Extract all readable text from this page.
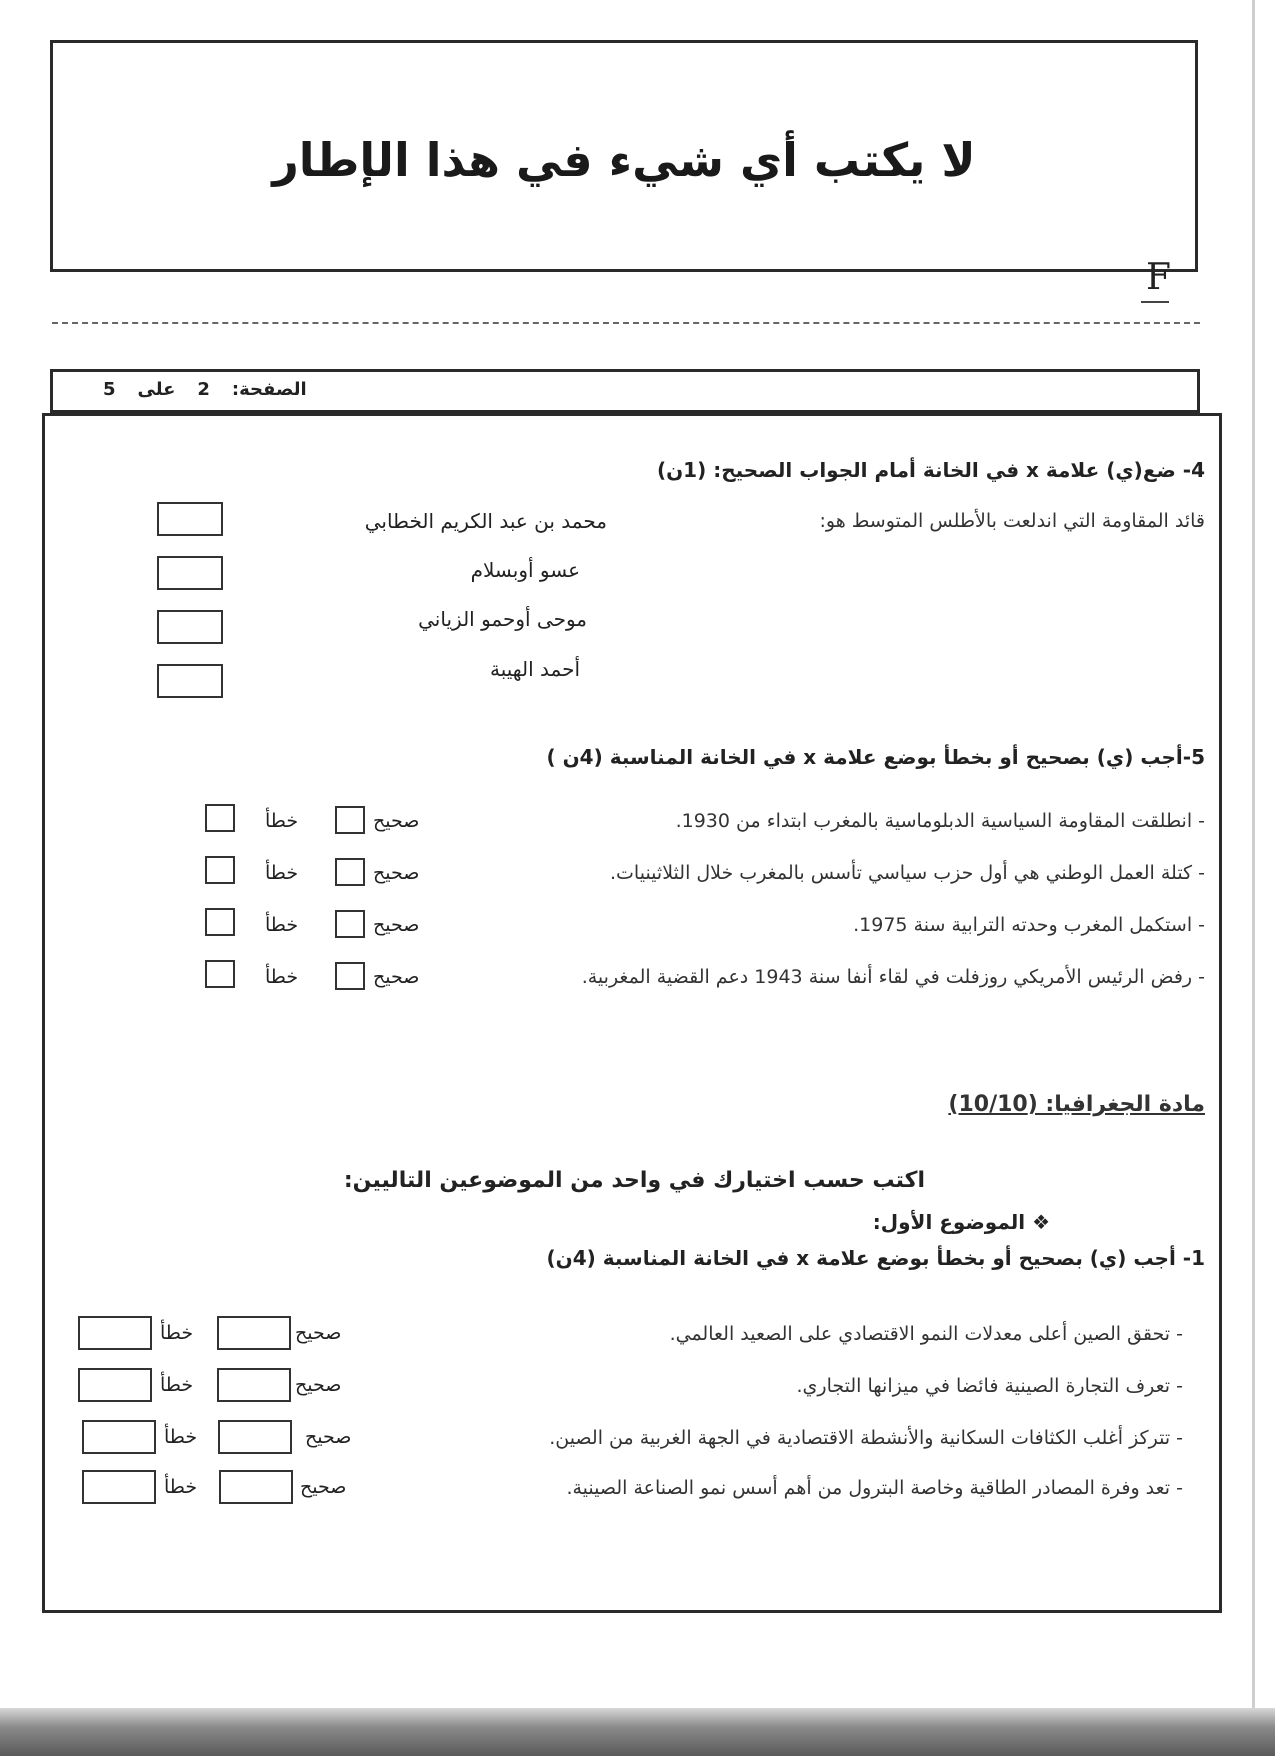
لا يكتب أي شيء في هذا الإطار
F
الصفحة:2على5
4- ضع(ي) علامة x في الخانة أمام الجواب الصحيح: (1ن)
قائد المقاومة التي اندلعت بالأطلس المتوسط هو:
محمد بن عبد الكريم الخطابي
عسو أوبسلام
موحى أوحمو الزياني
أحمد الهيبة
5-أجب (ي) بصحيح أو بخطأ بوضع علامة x في الخانة المناسبة (4ن )
- انطلقت المقاومة السياسية الدبلوماسية بالمغرب ابتداء من 1930.
صحيح
خطأ
- كتلة العمل الوطني هي أول حزب سياسي تأسس بالمغرب خلال الثلاثينيات.
صحيح
خطأ
- استكمل المغرب وحدته الترابية سنة 1975.
صحيح
خطأ
- رفض الرئيس الأمريكي روزفلت في لقاء أنفا سنة 1943 دعم القضية المغربية.
صحيح
خطأ
مادة الجغرافيا: (10/10)
اكتب حسب اختيارك في واحد من الموضوعين التاليين:
❖ الموضوع الأول:
1- أجب (ي) بصحيح أو بخطأ بوضع علامة x في الخانة المناسبة (4ن)
- تحقق الصين أعلى معدلات النمو الاقتصادي على الصعيد العالمي.
صحيح
خطأ
- تعرف التجارة الصينية فائضا في ميزانها التجاري.
صحيح
خطأ
- تتركز أغلب الكثافات السكانية والأنشطة الاقتصادية في الجهة الغربية من الصين.
صحيح
خطأ
- تعد وفرة المصادر الطاقية وخاصة البترول من أهم أسس نمو الصناعة الصينية.
صحيح
خطأ
